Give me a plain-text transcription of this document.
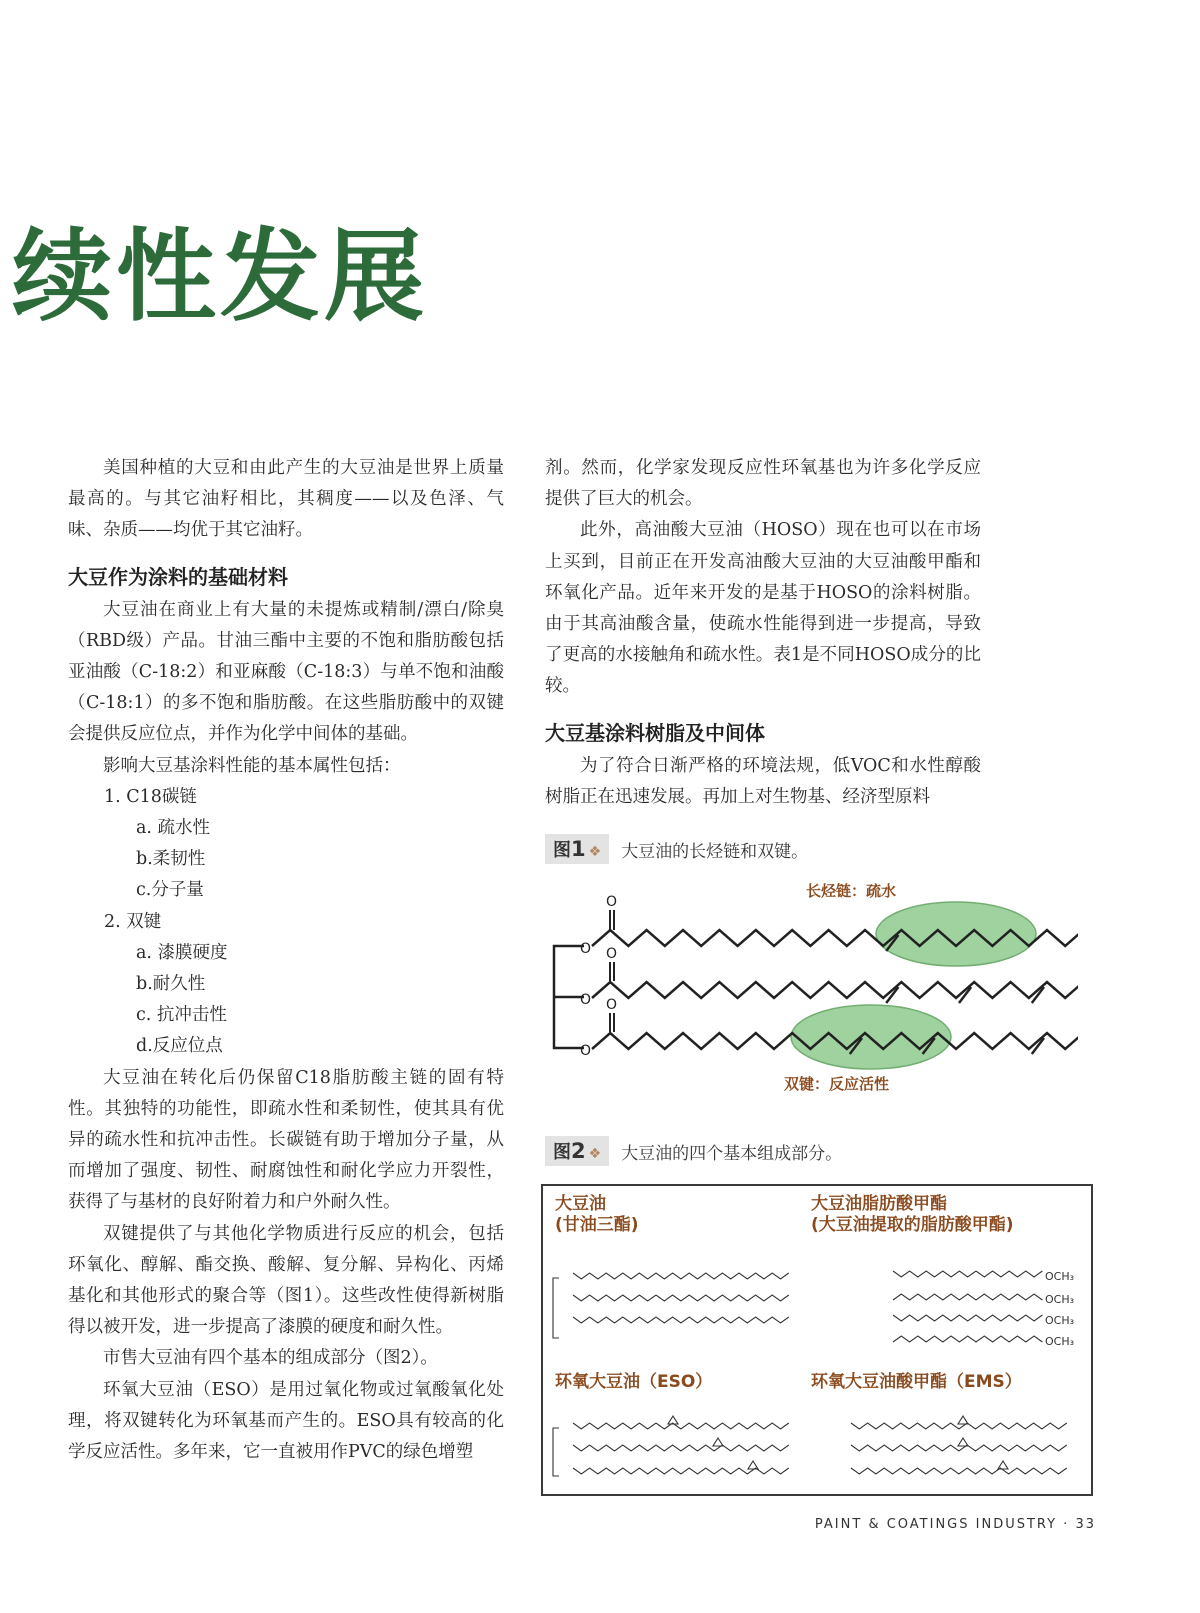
续性发展

美国种植的大豆和由此产生的大豆油是世界上质量最高的。与其它油籽相比，其稠度——以及色泽、气味、杂质——均优于其它油籽。

大豆作为涂料的基础材料

大豆油在商业上有大量的未提炼或精制/漂白/除臭（RBD级）产品。甘油三酯中主要的不饱和脂肪酸包括亚油酸（C-18:2）和亚麻酸（C-18:3）与单不饱和油酸（C-18:1）的多不饱和脂肪酸。在这些脂肪酸中的双键会提供反应位点，并作为化学中间体的基础。

影响大豆基涂料性能的基本属性包括：

1. C18碳链

a. 疏水性

b.柔韧性

c.分子量

2. 双键

a. 漆膜硬度

b.耐久性

c. 抗冲击性

d.反应位点

大豆油在转化后仍保留C18脂肪酸主链的固有特性。其独特的功能性，即疏水性和柔韧性，使其具有优异的疏水性和抗冲击性。长碳链有助于增加分子量，从而增加了强度、韧性、耐腐蚀性和耐化学应力开裂性，获得了与基材的良好附着力和户外耐久性。

双键提供了与其他化学物质进行反应的机会，包括环氧化、醇解、酯交换、酸解、复分解、异构化、丙烯基化和其他形式的聚合等（图1）。这些改性使得新树脂得以被开发，进一步提高了漆膜的硬度和耐久性。

市售大豆油有四个基本的组成部分（图2）。

环氧大豆油（ESO）是用过氧化物或过氧酸氧化处理，将双键转化为环氧基而产生的。ESO具有较高的化学反应活性。多年来，它一直被用作PVC的绿色增塑

剂。然而，化学家发现反应性环氧基也为许多化学反应提供了巨大的机会。

此外，高油酸大豆油（HOSO）现在也可以在市场上买到，目前正在开发高油酸大豆油的大豆油酸甲酯和环氧化产品。近年来开发的是基于HOSO的涂料树脂。由于其高油酸含量，使疏水性能得到进一步提高，导致了更高的水接触角和疏水性。表1是不同HOSO成分的比较。

大豆基涂料树脂及中间体

为了符合日渐严格的环境法规，低VOC和水性醇酸树脂正在迅速发展。再加上对生物基、经济型原料

图1 ❖	大豆油的长烃链和双键。
长烃链：疏水
双键：反应活性
O
O
O
O
O
O
图2 ❖	大豆油的四个基本组成部分。
大豆油
(甘油三酯)
大豆油脂肪酸甲酯
(大豆油提取的脂肪酸甲酯)
环氧大豆油（ESO）	环氧大豆油酸甲酯（EMS）
OCH₃
OCH₃
OCH₃
OCH₃
PAINT & COATINGS INDUSTRY · 33
